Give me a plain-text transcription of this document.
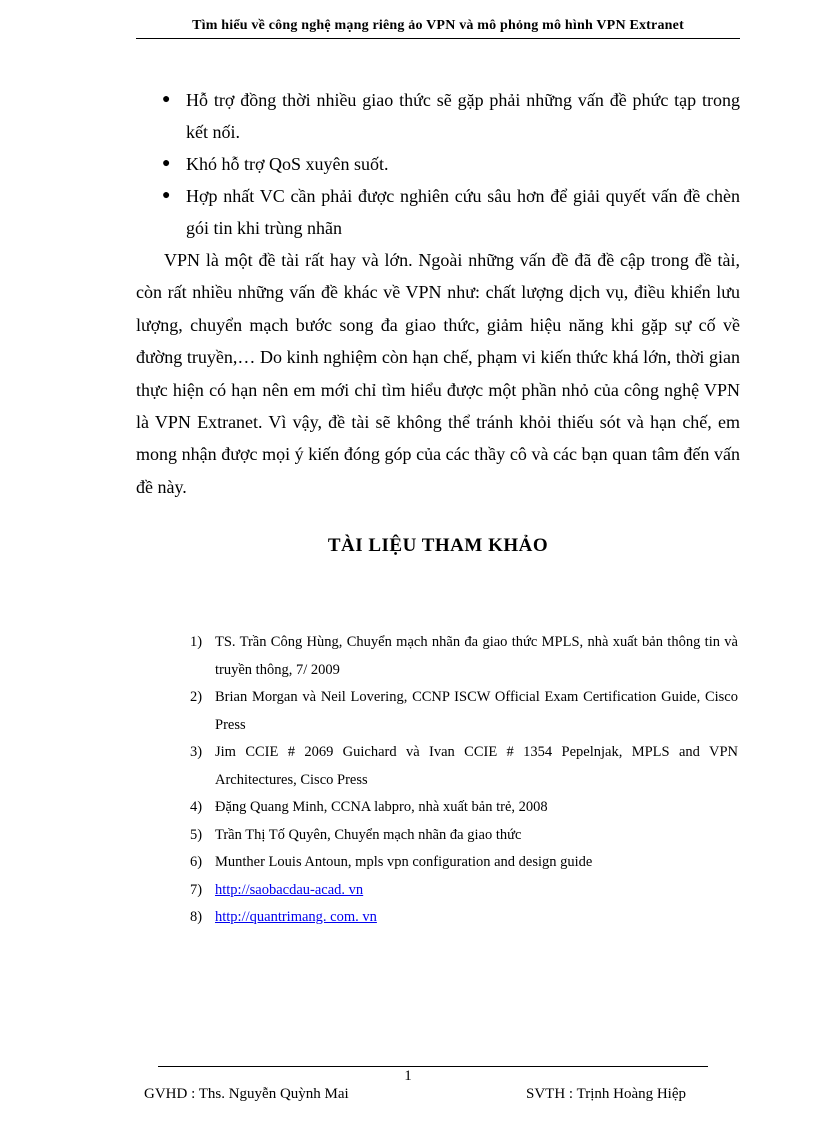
Tìm hiểu về công nghệ mạng riêng ảo VPN và mô phỏng mô hình VPN Extranet
● Hỗ trợ đồng thời nhiều giao thức sẽ gặp phải những vấn đề phức tạp trong kết nối.
● Khó hỗ trợ QoS xuyên suốt.
● Hợp nhất VC cần phải được nghiên cứu sâu hơn để giải quyết vấn đề chèn gói tin khi trùng nhãn

VPN là một đề tài rất hay và lớn. Ngoài những vấn đề đã đề cập trong đề tài, còn rất nhiều những vấn đề khác về VPN như: chất lượng dịch vụ, điều khiển lưu lượng, chuyển mạch bước song đa giao thức, giảm hiệu năng khi gặp sự cố về đường truyền,… Do kinh nghiệm còn hạn chế, phạm vi kiến thức khá lớn, thời gian thực hiện có hạn nên em mới chỉ tìm hiểu được một phần nhỏ của công nghệ VPN là VPN Extranet. Vì vậy, đề tài sẽ không thể tránh khỏi thiếu sót và hạn chế, em mong nhận được mọi ý kiến đóng góp của các thầy cô và các bạn quan tâm đến vấn đề này.

TÀI LIỆU THAM KHẢO
1) TS. Trần Công Hùng, Chuyển mạch nhãn đa giao thức MPLS, nhà xuất bản thông tin và truyền thông, 7/ 2009
2) Brian Morgan và Neil Lovering, CCNP ISCW Official Exam Certification Guide, Cisco Press
3) Jim CCIE # 2069 Guichard và Ivan CCIE # 1354 Pepelnjak, MPLS and VPN Architectures, Cisco Press
4) Đặng Quang Minh, CCNA labpro, nhà xuất bản trẻ, 2008
5) Trần Thị Tố Quyên, Chuyển mạch nhãn đa giao thức
6) Munther Louis Antoun, mpls vpn configuration and design guide
7) http://saobacdau-acad. vn
8) http://quantrimang. com. vn
1
GVHD : Ths. Nguyễn Quỳnh Mai	SVTH : Trịnh Hoàng Hiệp
